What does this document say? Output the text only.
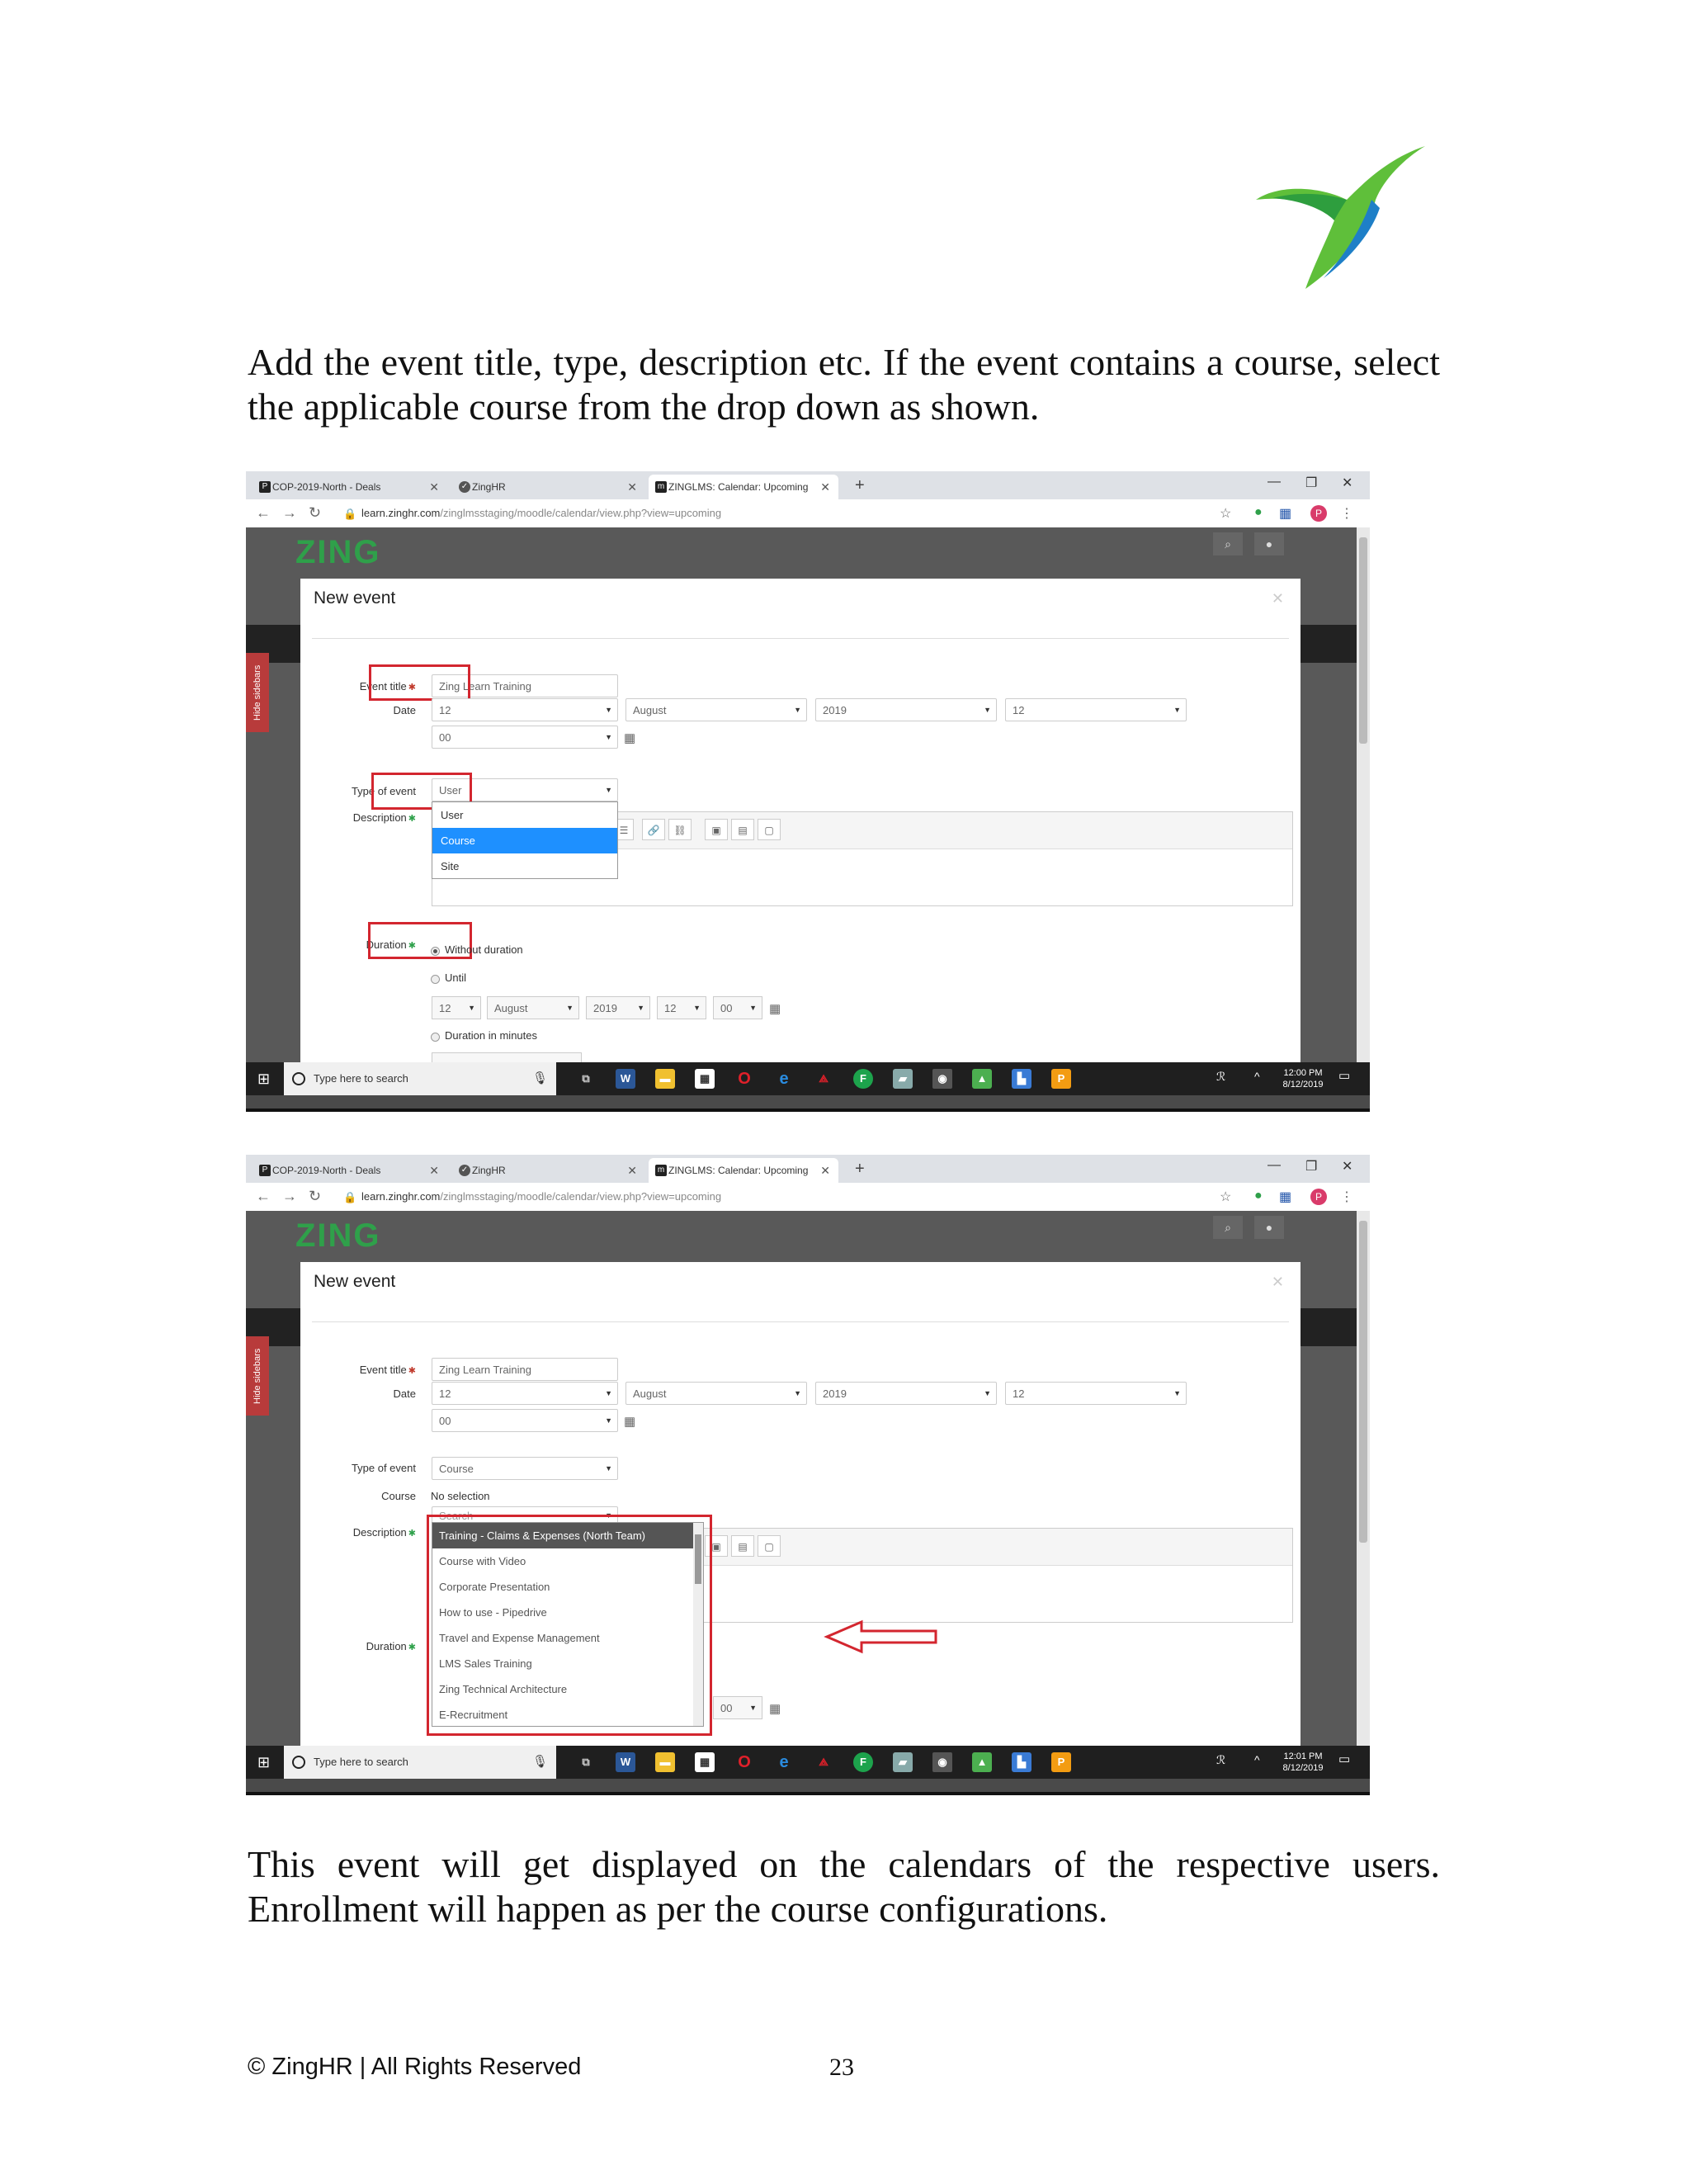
Add the event title, type, description etc. If the event contains a course, select the applicable course from the drop down as shown.
P COP-2019-North - Deals	✕	✓ ZingHR	✕ m ZINGLMS: Calendar: Upcoming ✕ +	— ❐ ✕
← → ↻ 🔒 learn.zinghr.com/zinglmsstaging/moodle/calendar/view.php?view=upcoming	☆ ● ▦	P	⋮
ZING	⌕	●
Hide sidebars
New event	✕
Event title ✱	Zing Learn Training
Date	12	▼	August	▼	2019	▼	12	▼
00	▼ ▦
Type of event	User	▼
Description ✱
☰	🔗	⛓	▣	▤	▢
User
Course
Site
Duration ✱	Without duration
Until
12 ▼	August	▼	2019	▼	12 ▼	00 ▼ ▦
Duration in minutes
⊞	Type here to search	🎙	⧉	W	▬	▦ O	e	⟁	F	▰	◉	▲	▙	P	ℛ ^	12:00 PM
8/12/2019
▭
P COP-2019-North - Deals	✕	✓ ZingHR	✕ m ZINGLMS: Calendar: Upcoming ✕ +	— ❐ ✕
← → ↻ 🔒 learn.zinghr.com/zinglmsstaging/moodle/calendar/view.php?view=upcoming	☆ ● ▦	P	⋮
ZING	⌕	●
Hide sidebars
New event	✕
Event title ✱	Zing Learn Training
Date	12	▼	August	▼	2019	▼	12	▼
00	▼ ▦
Type of event	Course	▼
Course No selection
Search	▼
Description ✱
▣	▤	▢
Duration ✱
00 ▼ ▦
Training - Claims & Expenses (North Team)
Course with Video
Corporate Presentation
How to use - Pipedrive
Travel and Expense Management
LMS Sales Training
Zing Technical Architecture
E-Recruitment
⊞	Type here to search	🎙	⧉	W	▬	▦ O	e	⟁	F	▰	◉	▲	▙	P	ℛ ^	12:01 PM
8/12/2019
▭
This event will get displayed on the calendars of the respective users. Enrollment will happen as per the course configurations.
© ZingHR | All Rights Reserved	23
